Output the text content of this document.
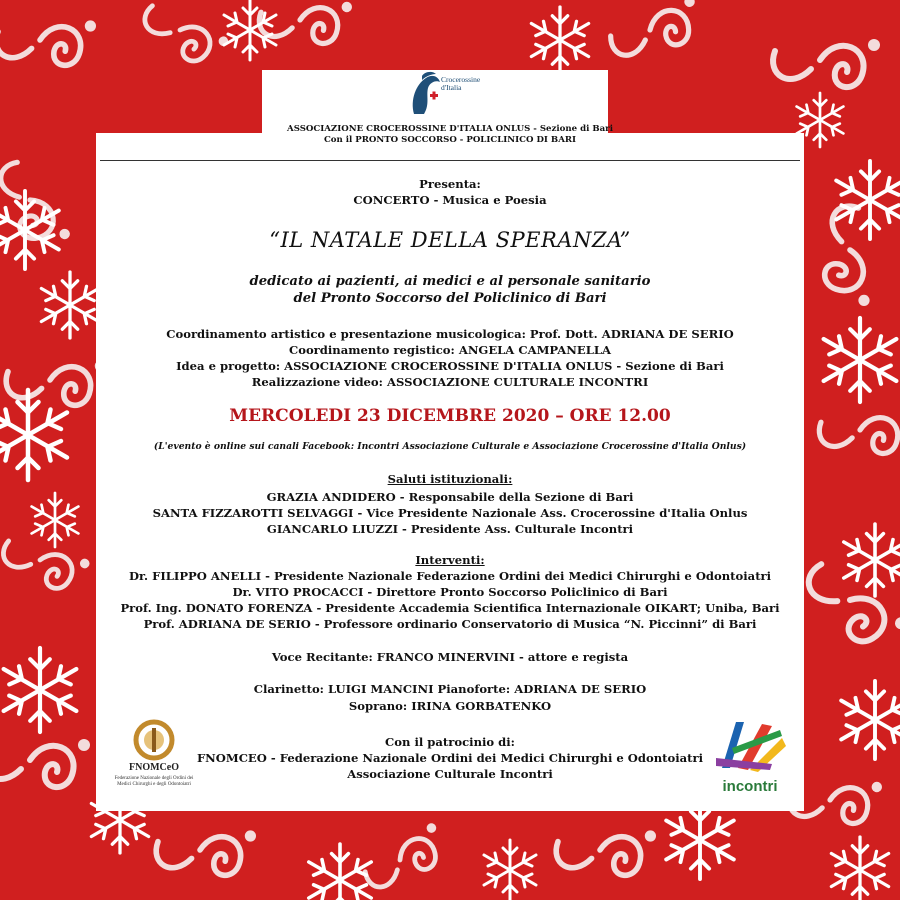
Crocerossine d'Italia
ASSOCIAZIONE CROCEROSSINE D'ITALIA ONLUS - Sezione di Bari
Con il PRONTO SOCCORSO - POLICLINICO DI BARI
Presenta:
CONCERTO - Musica e Poesia
“IL NATALE DELLA SPERANZA”
dedicato ai pazienti, ai medici e al personale sanitario
del Pronto Soccorso del Policlinico di Bari
Coordinamento artistico e presentazione musicologica: Prof. Dott. ADRIANA DE SERIO
Coordinamento registico: ANGELA CAMPANELLA
Idea e progetto: ASSOCIAZIONE CROCEROSSINE D'ITALIA ONLUS - Sezione di Bari
Realizzazione video: ASSOCIAZIONE CULTURALE INCONTRI
MERCOLEDI 23 DICEMBRE 2020 – ORE 12.00
(L'evento è online sui canali Facebook: Incontri Associazione Culturale e Associazione Crocerossine d'Italia Onlus)
Saluti istituzionali:
GRAZIA ANDIDERO - Responsabile della Sezione di Bari
SANTA FIZZAROTTI SELVAGGI - Vice Presidente Nazionale Ass. Crocerossine d'Italia Onlus
GIANCARLO LIUZZI - Presidente Ass. Culturale Incontri
Interventi:
Dr. FILIPPO ANELLI - Presidente Nazionale Federazione Ordini dei Medici Chirurghi e Odontoiatri
Dr. VITO PROCACCI - Direttore Pronto Soccorso Policlinico di Bari
Prof. Ing. DONATO FORENZA - Presidente Accademia Scientifica Internazionale OIKART; Uniba, Bari
Prof. ADRIANA DE SERIO - Professore ordinario Conservatorio di Musica “N. Piccinni” di Bari
Voce Recitante: FRANCO MINERVINI - attore e regista
Clarinetto: LUIGI MANCINI Pianoforte: ADRIANA DE SERIO
Soprano: IRINA GORBATENKO
Con il patrocinio di:
FNOMCEO - Federazione Nazionale Ordini dei Medici Chirurghi e Odontoiatri
Associazione Culturale Incontri
FNOMCeO
Federazione Nazionale degli Ordini dei Medici Chirurghi e degli Odontoiatri	incontri
